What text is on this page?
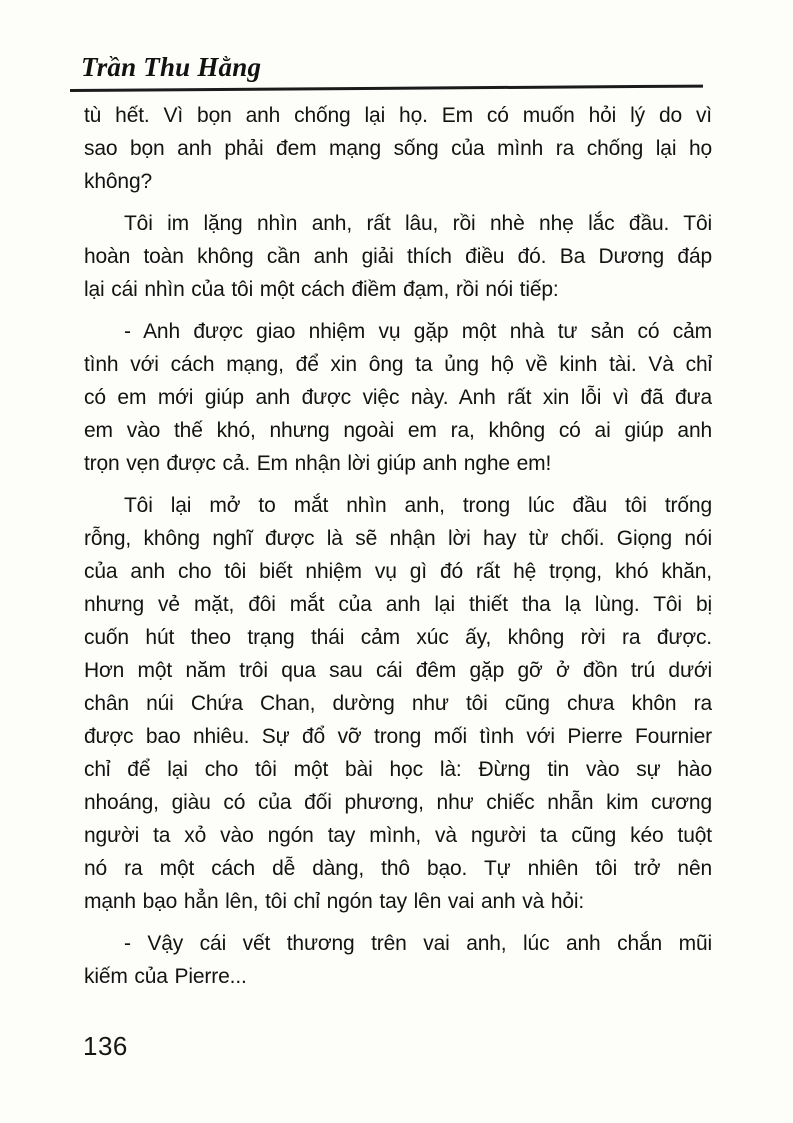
Trần Thu Hằng
tù hết. Vì bọn anh chống lại họ. Em có muốn hỏi lý do vì
sao bọn anh phải đem mạng sống của mình ra chống lại họ
không?
Tôi im lặng nhìn anh, rất lâu, rồi nhè nhẹ lắc đầu. Tôi
hoàn toàn không cần anh giải thích điều đó. Ba Dương đáp
lại cái nhìn của tôi một cách điềm đạm, rồi nói tiếp:
- Anh được giao nhiệm vụ gặp một nhà tư sản có cảm
tình với cách mạng, để xin ông ta ủng hộ về kinh tài. Và chỉ
có em mới giúp anh được việc này. Anh rất xin lỗi vì đã đưa
em vào thế khó, nhưng ngoài em ra, không có ai giúp anh
trọn vẹn được cả. Em nhận lời giúp anh nghe em!
Tôi lại mở to mắt nhìn anh, trong lúc đầu tôi trống
rỗng, không nghĩ được là sẽ nhận lời hay từ chối. Giọng nói
của anh cho tôi biết nhiệm vụ gì đó rất hệ trọng, khó khăn,
nhưng vẻ mặt, đôi mắt của anh lại thiết tha lạ lùng. Tôi bị
cuốn hút theo trạng thái cảm xúc ấy, không rời ra được.
Hơn một năm trôi qua sau cái đêm gặp gỡ ở đồn trú dưới
chân núi Chứa Chan, dường như tôi cũng chưa khôn ra
được bao nhiêu. Sự đổ vỡ trong mối tình với Pierre Fournier
chỉ để lại cho tôi một bài học là: Đừng tin vào sự hào
nhoáng, giàu có của đối phương, như chiếc nhẫn kim cương
người ta xỏ vào ngón tay mình, và người ta cũng kéo tuột
nó ra một cách dễ dàng, thô bạo. Tự nhiên tôi trở nên
mạnh bạo hẳn lên, tôi chỉ ngón tay lên vai anh và hỏi:
- Vậy cái vết thương trên vai anh, lúc anh chắn mũi
kiếm của Pierre...
136
